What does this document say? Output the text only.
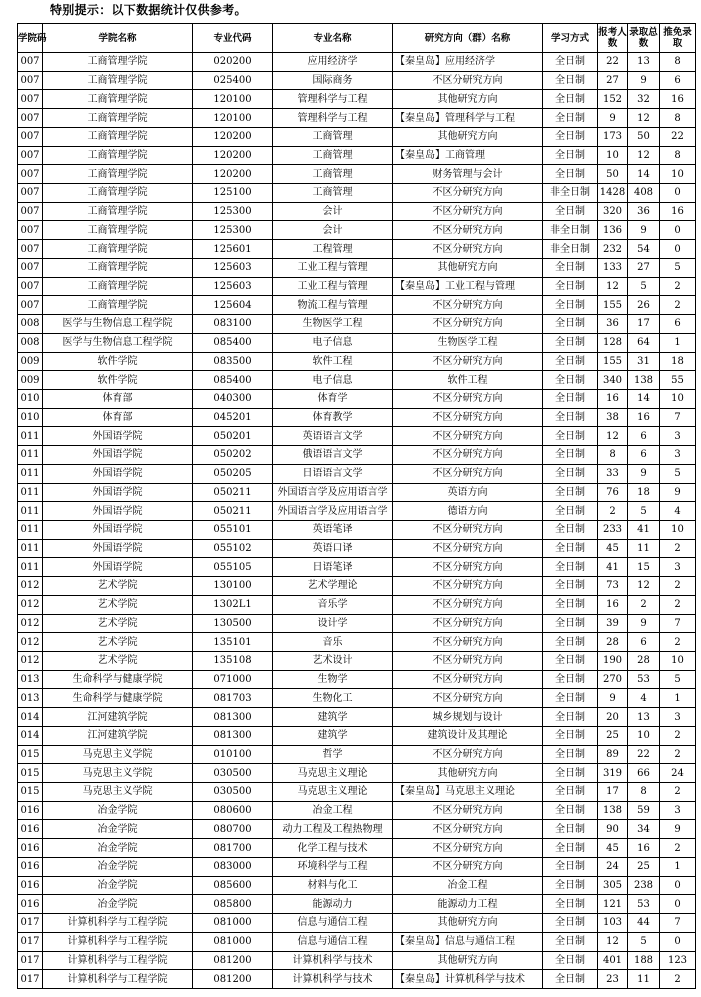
特别提示：以下数据统计仅供参考。
学院码	学院名称	专业代码	专业名称	研究方向（群）名称	学习方式	报考人数	录取总数	推免录取
007	工商管理学院	020200	应用经济学	【秦皇岛】应用经济学	全日制	22	13	8
007	工商管理学院	025400	国际商务	不区分研究方向	全日制	27	9	6
007	工商管理学院	120100	管理科学与工程	其他研究方向	全日制	152	32	16
007	工商管理学院	120100	管理科学与工程	【秦皇岛】管理科学与工程	全日制	9	12	8
007	工商管理学院	120200	工商管理	其他研究方向	全日制	173	50	22
007	工商管理学院	120200	工商管理	【秦皇岛】工商管理	全日制	10	12	8
007	工商管理学院	120200	工商管理	财务管理与会计	全日制	50	14	10
007	工商管理学院	125100	工商管理	不区分研究方向	非全日制	1428	408	0
007	工商管理学院	125300	会计	不区分研究方向	全日制	320	36	16
007	工商管理学院	125300	会计	不区分研究方向	非全日制	136	9	0
007	工商管理学院	125601	工程管理	不区分研究方向	非全日制	232	54	0
007	工商管理学院	125603	工业工程与管理	其他研究方向	全日制	133	27	5
007	工商管理学院	125603	工业工程与管理	【秦皇岛】工业工程与管理	全日制	12	5	2
007	工商管理学院	125604	物流工程与管理	不区分研究方向	全日制	155	26	2
008	医学与生物信息工程学院	083100	生物医学工程	不区分研究方向	全日制	36	17	6
008	医学与生物信息工程学院	085400	电子信息	生物医学工程	全日制	128	64	1
009	软件学院	083500	软件工程	不区分研究方向	全日制	155	31	18
009	软件学院	085400	电子信息	软件工程	全日制	340	138	55
010	体育部	040300	体育学	不区分研究方向	全日制	16	14	10
010	体育部	045201	体育教学	不区分研究方向	全日制	38	16	7
011	外国语学院	050201	英语语言文学	不区分研究方向	全日制	12	6	3
011	外国语学院	050202	俄语语言文学	不区分研究方向	全日制	8	6	3
011	外国语学院	050205	日语语言文学	不区分研究方向	全日制	33	9	5
011	外国语学院	050211	外国语言学及应用语言学	英语方向	全日制	76	18	9
011	外国语学院	050211	外国语言学及应用语言学	德语方向	全日制	2	5	4
011	外国语学院	055101	英语笔译	不区分研究方向	全日制	233	41	10
011	外国语学院	055102	英语口译	不区分研究方向	全日制	45	11	2
011	外国语学院	055105	日语笔译	不区分研究方向	全日制	41	15	3
012	艺术学院	130100	艺术学理论	不区分研究方向	全日制	73	12	2
012	艺术学院	1302L1	音乐学	不区分研究方向	全日制	16	2	2
012	艺术学院	130500	设计学	不区分研究方向	全日制	39	9	7
012	艺术学院	135101	音乐	不区分研究方向	全日制	28	6	2
012	艺术学院	135108	艺术设计	不区分研究方向	全日制	190	28	10
013	生命科学与健康学院	071000	生物学	不区分研究方向	全日制	270	53	5
013	生命科学与健康学院	081703	生物化工	不区分研究方向	全日制	9	4	1
014	江河建筑学院	081300	建筑学	城乡规划与设计	全日制	20	13	3
014	江河建筑学院	081300	建筑学	建筑设计及其理论	全日制	25	10	2
015	马克思主义学院	010100	哲学	不区分研究方向	全日制	89	22	2
015	马克思主义学院	030500	马克思主义理论	其他研究方向	全日制	319	66	24
015	马克思主义学院	030500	马克思主义理论	【秦皇岛】马克思主义理论	全日制	17	8	2
016	冶金学院	080600	冶金工程	不区分研究方向	全日制	138	59	3
016	冶金学院	080700	动力工程及工程热物理	不区分研究方向	全日制	90	34	9
016	冶金学院	081700	化学工程与技术	不区分研究方向	全日制	45	16	2
016	冶金学院	083000	环境科学与工程	不区分研究方向	全日制	24	25	1
016	冶金学院	085600	材料与化工	冶金工程	全日制	305	238	0
016	冶金学院	085800	能源动力	能源动力工程	全日制	121	53	0
017	计算机科学与工程学院	081000	信息与通信工程	其他研究方向	全日制	103	44	7
017	计算机科学与工程学院	081000	信息与通信工程	【秦皇岛】信息与通信工程	全日制	12	5	0
017	计算机科学与工程学院	081200	计算机科学与技术	其他研究方向	全日制	401	188	123
017	计算机科学与工程学院	081200	计算机科学与技术	【秦皇岛】计算机科学与技术	全日制	23	11	2
